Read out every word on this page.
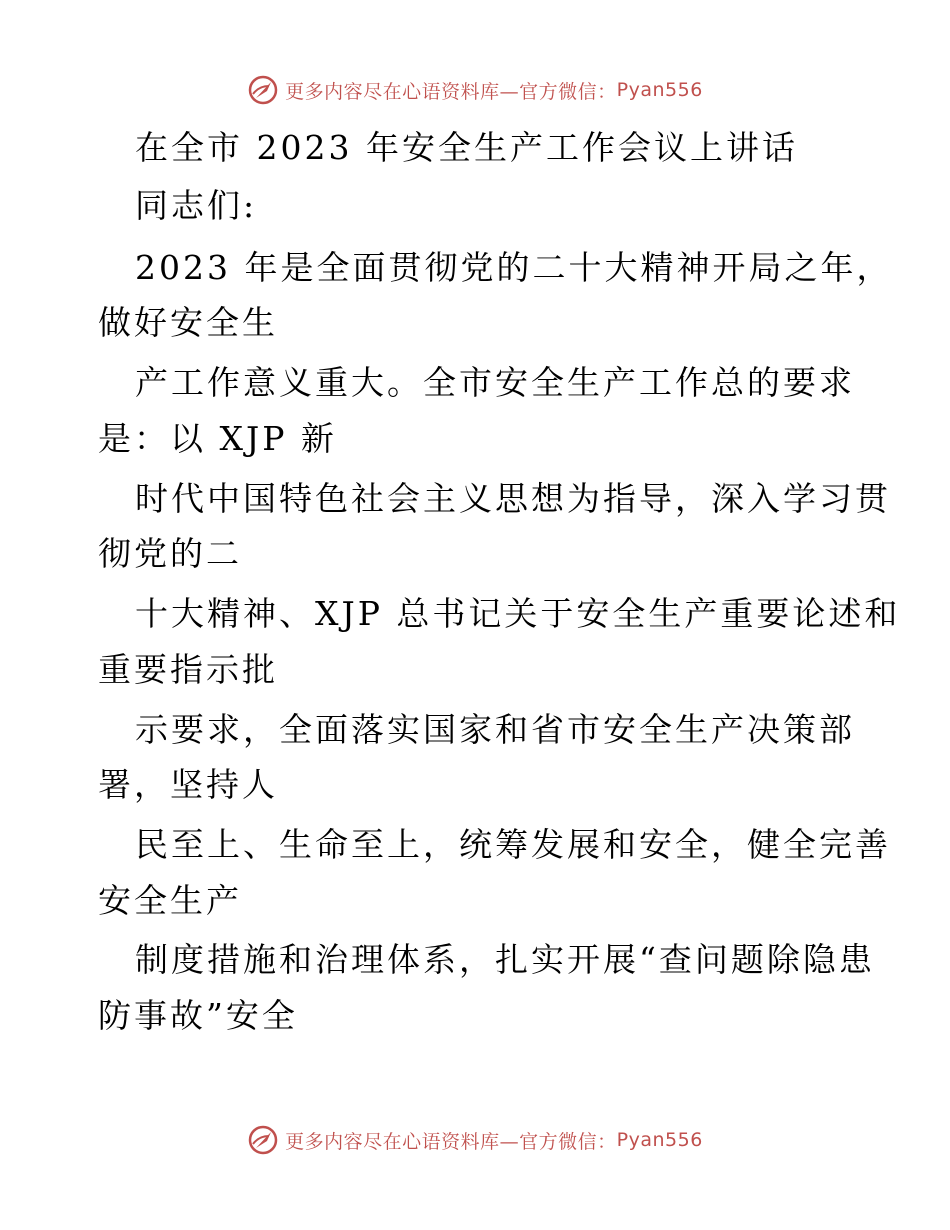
更多内容尽在心语资料库—官方微信： Pyan556
在全市 2023 年安全生产工作会议上讲话
同志们:
2023 年是全面贯彻党的二十大精神开局之年，
做好安全生
产工作意义重大。全市安全生产工作总的要求
是：以 XJP 新
时代中国特色社会主义思想为指导，深入学习贯
彻党的二
十大精神、XJP 总书记关于安全生产重要论述和
重要指示批
示要求，全面落实国家和省市安全生产决策部
署，坚持人
民至上、生命至上，统筹发展和安全，健全完善
安全生产
制度措施和治理体系，扎实开展“查问题除隐患
防事故”安全
更多内容尽在心语资料库—官方微信： Pyan556
